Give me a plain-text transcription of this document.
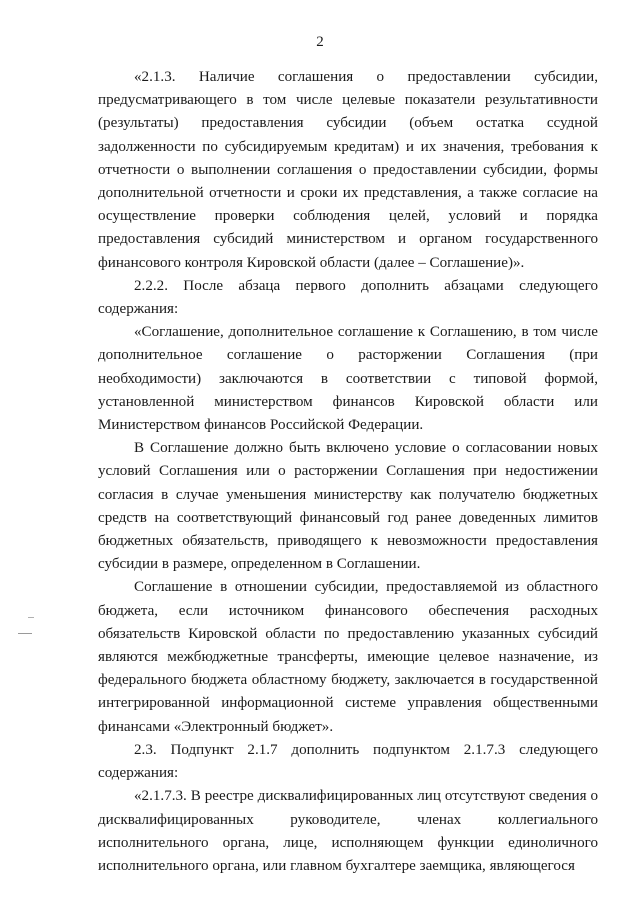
2

«2.1.3. Наличие соглашения о предоставлении субсидии, предусматривающего в том числе целевые показатели результативности (результаты) предоставления субсидии (объем остатка ссудной задолженности по субсидируемым кредитам) и их значения, требования к отчетности о выполнении соглашения о предоставлении субсидии, формы дополнительной отчетности и сроки их представления, а также согласие на осуществление проверки соблюдения целей, условий и порядка предоставления субсидий министерством и органом государственного финансового контроля Кировской области (далее – Соглашение)».

2.2.2. После абзаца первого дополнить абзацами следующего содержания:

«Соглашение, дополнительное соглашение к Соглашению, в том числе дополнительное соглашение о расторжении Соглашения (при необходимости) заключаются в соответствии с типовой формой, установленной министерством финансов Кировской области или Министерством финансов Российской Федерации.

В Соглашение должно быть включено условие о согласовании новых условий Соглашения или о расторжении Соглашения при недостижении согласия в случае уменьшения министерству как получателю бюджетных средств на соответствующий финансовый год ранее доведенных лимитов бюджетных обязательств, приводящего к невозможности предоставления субсидии в размере, определенном в Соглашении.

Соглашение в отношении субсидии, предоставляемой из областного бюджета, если источником финансового обеспечения расходных обязательств Кировской области по предоставлению указанных субсидий являются межбюджетные трансферты, имеющие целевое назначение, из федерального бюджета областному бюджету, заключается в государственной интегрированной информационной системе управления общественными финансами «Электронный бюджет».

2.3. Подпункт 2.1.7 дополнить подпунктом 2.1.7.3 следующего содержания:

«2.1.7.3. В реестре дисквалифицированных лиц отсутствуют сведения о дисквалифицированных руководителе, членах коллегиального исполнительного органа, лице, исполняющем функции единоличного исполнительного органа, или главном бухгалтере заемщика, являющегося
